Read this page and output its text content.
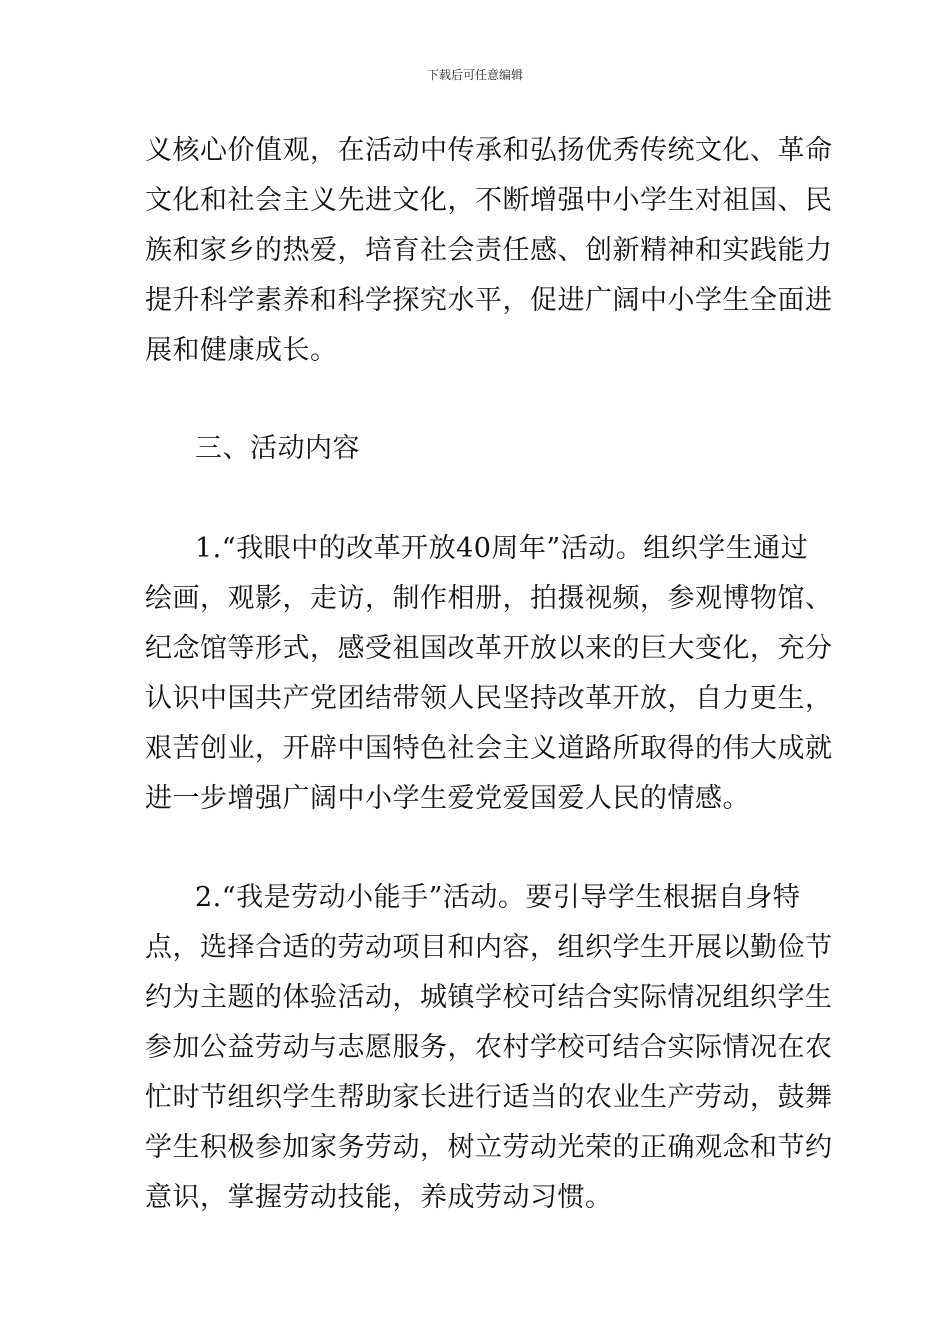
下载后可任意编辑
义核心价值观，在活动中传承和弘扬优秀传统文化、革命
文化和社会主义先进文化，不断增强中小学生对祖国、民
族和家乡的热爱，培育社会责任感、创新精神和实践能力
提升科学素养和科学探究水平，促进广阔中小学生全面进
展和健康成长。
三、活动内容
1.“我眼中的改革开放40周年”活动。组织学生通过
绘画，观影，走访，制作相册，拍摄视频，参观博物馆、
纪念馆等形式，感受祖国改革开放以来的巨大变化，充分
认识中国共产党团结带领人民坚持改革开放，自力更生，
艰苦创业，开辟中国特色社会主义道路所取得的伟大成就
进一步增强广阔中小学生爱党爱国爱人民的情感。
2.“我是劳动小能手”活动。要引导学生根据自身特
点，选择合适的劳动项目和内容，组织学生开展以勤俭节
约为主题的体验活动，城镇学校可结合实际情况组织学生
参加公益劳动与志愿服务，农村学校可结合实际情况在农
忙时节组织学生帮助家长进行适当的农业生产劳动，鼓舞
学生积极参加家务劳动，树立劳动光荣的正确观念和节约
意识，掌握劳动技能，养成劳动习惯。
